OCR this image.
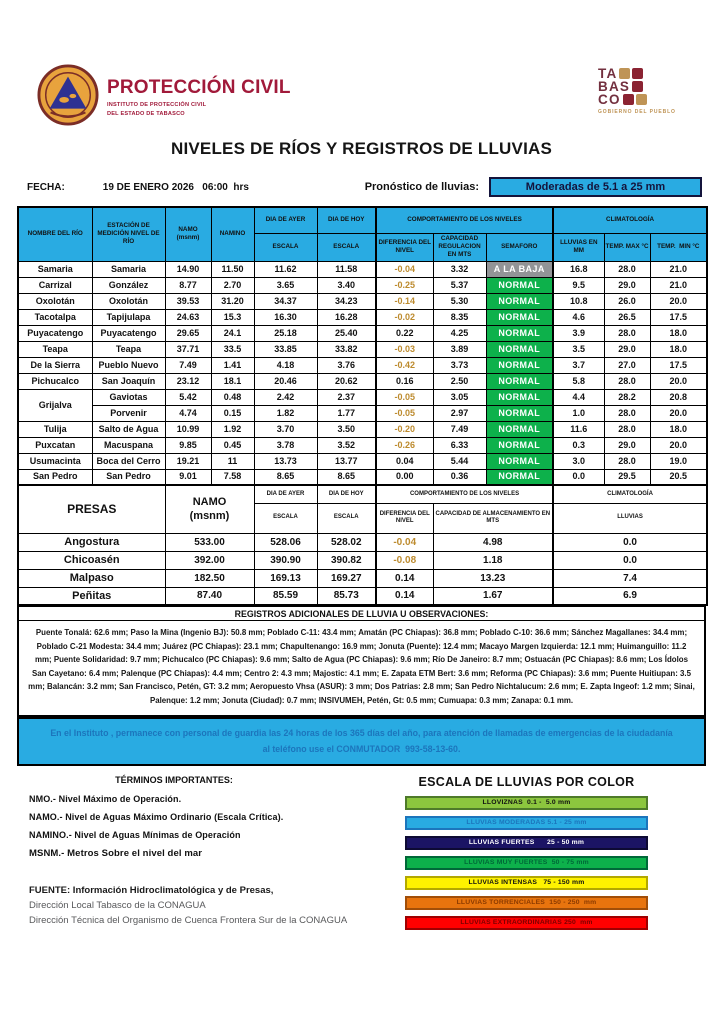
PROTECCIÓN CIVIL
INSTITUTO DE PROTECCIÓN CIVIL
DEL ESTADO DE TABASCO
TA
BAS
CO
GOBIERNO DEL PUEBLO
NIVELES DE RÍOS Y REGISTROS DE LLUVIAS
FECHA:	19 DE ENERO 2026   06:00  hrs	Pronóstico de lluvias:	Moderadas de 5.1 a 25 mm
NOMBRE DEL RÍO	ESTACIÓN DE MEDICIÓN NIVEL DE RÍO	NAMO
(msnm)	NAMINO	DIA DE AYER	DIA DE HOY	COMPORTAMIENTO DE LOS NIVELES			CLIMATOLOGÍA		
				ESCALA	ESCALA	DIFERENCIA DEL NIVEL	CAPACIDAD REGULACION EN MTS	SEMAFORO	LLUVIAS EN MM	TEMP. MAX °C	TEMP.  MIN °C
Samaria	Samaria	14.90	11.50	11.62	11.58	-0.04	3.32	A LA BAJA	16.8	28.0	21.0
Carrizal	González	8.77	2.70	3.65	3.40	-0.25	5.37	NORMAL	9.5	29.0	21.0
Oxolotán	Oxolotán	39.53	31.20	34.37	34.23	-0.14	5.30	NORMAL	10.8	26.0	20.0
Tacotalpa	Tapijulapa	24.63	15.3	16.30	16.28	-0.02	8.35	NORMAL	4.6	26.5	17.5
Puyacatengo	Puyacatengo	29.65	24.1	25.18	25.40	0.22	4.25	NORMAL	3.9	28.0	18.0
Teapa	Teapa	37.71	33.5	33.85	33.82	-0.03	3.89	NORMAL	3.5	29.0	18.0
De la Sierra	Pueblo Nuevo	7.49	1.41	4.18	3.76	-0.42	3.73	NORMAL	3.7	27.0	17.5
Pichucalco	San Joaquín	23.12	18.1	20.46	20.62	0.16	2.50	NORMAL	5.8	28.0	20.0
Grijalva	Gaviotas	5.42	0.48	2.42	2.37	-0.05	3.05	NORMAL	4.4	28.2	20.8
	Porvenir	4.74	0.15	1.82	1.77	-0.05	2.97	NORMAL	1.0	28.0	20.0
Tulija	Salto de Agua	10.99	1.92	3.70	3.50	-0.20	7.49	NORMAL	11.6	28.0	18.0
Puxcatan	Macuspana	9.85	0.45	3.78	3.52	-0.26	6.33	NORMAL	0.3	29.0	20.0
Usumacinta	Boca del Cerro	19.21	11	13.73	13.77	0.04	5.44	NORMAL	3.0	28.0	19.0
San Pedro	San Pedro	9.01	7.58	8.65	8.65	0.00	0.36	NORMAL	0.0	29.5	20.5
PRESAS		NAMO
(msnm)		DIA DE AYER	DIA DE HOY	COMPORTAMIENTO DE LOS NIVELES			CLIMATOLOGÍA		
				ESCALA	ESCALA	DIFERENCIA DEL NIVEL	CAPACIDAD DE ALMACENAMIENTO EN MTS		LLUVIAS		
Angostura		533.00		528.06	528.02	-0.04	4.98		0.0		
Chicoasén		392.00		390.90	390.82	-0.08	1.18		0.0		
Malpaso		182.50		169.13	169.27	0.14	13.23		7.4		
Peñitas		87.40		85.59	85.73	0.14	1.67		6.9		
REGISTROS ADICIONALES DE LLUVIA U OBSERVACIONES:
Puente Tonalá: 62.6 mm; Paso la Mina (Ingenio BJ): 50.8 mm; Poblado C-11: 43.4 mm; Amatán (PC Chiapas): 36.8 mm; Poblado C-10: 36.6 mm; Sánchez Magallanes: 34.4 mm; Poblado C-21 Modesta: 34.4 mm; Juárez (PC Chiapas): 23.1 mm; Chapultenango: 16.9 mm; Jonuta (Puente): 12.4 mm; Macayo Margen Izquierda: 12.1 mm; Huimanguillo: 11.2 mm; Puente Solidaridad: 9.7 mm; Pichucalco (PC Chiapas): 9.6 mm; Salto de Agua (PC Chiapas): 9.6 mm; Río De Janeiro: 8.7 mm; Ostuacán (PC Chiapas): 8.6 mm; Los Ídolos San Cayetano: 6.4 mm; Palenque (PC Chiapas): 4.4 mm; Centro 2: 4.3 mm; Majostic: 4.1 mm; E. Zapata ETM Bert: 3.6 mm; Reforma (PC Chiapas): 3.6 mm; Puente Huitiupan: 3.5 mm; Balancán: 3.2 mm; San Francisco, Petén, GT: 3.2 mm; Aeropuesto Vhsa (ASUR): 3 mm; Dos Patrias: 2.8 mm; San Pedro Nichtalucum: 2.6 mm; E. Zapta Ingeof: 1.2 mm; Sinai, Palenque: 1.2 mm; Jonuta (Ciudad): 0.7 mm; INSIVUMEH, Petén, Gt: 0.5 mm; Cumuapa: 0.3 mm; Zanapa: 0.1 mm.
En el Instituto , permanece con personal de guardia las 24 horas de los 365 días del año, para atención de llamadas de emergencias de la ciudadanía al teléfono use el CONMUTADOR  993-58-13-60.
TÉRMINOS IMPORTANTES:
NMO.- Nivel Máximo de Operación.
NAMO.- Nivel de Aguas Máximo Ordinario (Escala Crítica).
NAMINO.- Nivel de Aguas Mínimas de Operación
MSNM.- Metros Sobre el nivel del mar
FUENTE: Información Hidroclimatológica y de Presas,
Dirección Local Tabasco de la CONAGUA
Dirección Técnica del Organismo de Cuenca Frontera Sur de la CONAGUA
ESCALA DE LLUVIAS POR COLOR
LLOVIZNAS  0.1 -  5.0 mm
LLUVIAS MODERADAS 5.1 - 25 mm
LLUVIAS FUERTES      25 - 50 mm
LLUVIAS MUY FUERTES  50 - 75 mm
LLUVIAS INTENSAS   75 - 150 mm
LLUVIAS TORRENCIALES  150 - 250  mm
LLUVIAS EXTRAORDINARIAS 250  mm
